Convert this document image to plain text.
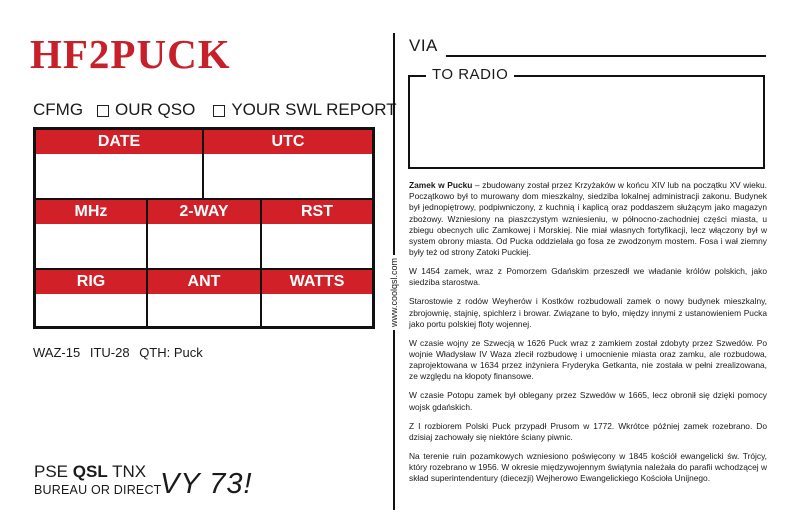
HF2PUCK
CFMG OUR QSO YOUR SWL REPORT
DATE	UTC
MHz	2-WAY	RST
RIG	ANT	WATTS
WAZ-15 ITU-28 QTH: Puck
PSE QSL TNX
BUREAU OR DIRECT
VY 73!
www.coolqsl.com
VIA
TO RADIO

Zamek w Pucku – zbudowany został przez Krzyżaków w końcu XIV lub na początku XV wieku. Początkowo był to murowany dom mieszkalny, siedziba lokalnej administracji zakonu. Budynek był jednopiętrowy, podpiwniczony, z kuchnią i kaplicą oraz poddaszem służącym jako magazyn zbożowy. Wzniesiony na piaszczystym wzniesieniu, w północno-zachodniej części miasta, u zbiegu obecnych ulic Zamkowej i Morskiej. Nie miał własnych fortyfikacji, lecz włączony był w system obrony miasta. Od Pucka oddzielała go fosa ze zwodzonym mostem. Fosa i wał ziemny były też od strony Zatoki Puckiej.

W 1454 zamek, wraz z Pomorzem Gdańskim przeszedł we władanie królów polskich, jako siedziba starostwa.

Starostowie z rodów Weyherów i Kostków rozbudowali zamek o nowy budynek mieszkalny, zbrojownię, stajnię, spichlerz i browar. Związane to było, między innymi z ustanowieniem Pucka jako portu polskiej floty wojennej.

W czasie wojny ze Szwecją w 1626 Puck wraz z zamkiem został zdobyty przez Szwedów. Po wojnie Władysław IV Waza zlecił rozbudowę i umocnienie miasta oraz zamku, ale rozbudowa, zaprojektowana w 1634 przez inżyniera Fryderyka Getkanta, nie została w pełni zrealizowana, ze względu na kłopoty finansowe.

W czasie Potopu zamek był oblegany przez Szwedów w 1665, lecz obronił się dzięki pomocy wojsk gdańskich.

Z I rozbiorem Polski Puck przypadł Prusom w 1772. Wkrótce później zamek rozebrano. Do dzisiaj zachowały się niektóre ściany piwnic.

Na terenie ruin pozamkowych wzniesiono poświęcony w 1845 kościół ewangelicki św. Trójcy, który rozebrano w 1956. W okresie międzywojennym świątynia należała do parafii wchodzącej w skład superintendentury (diecezji) Wejherowo Ewangelickiego Kościoła Unijnego.
